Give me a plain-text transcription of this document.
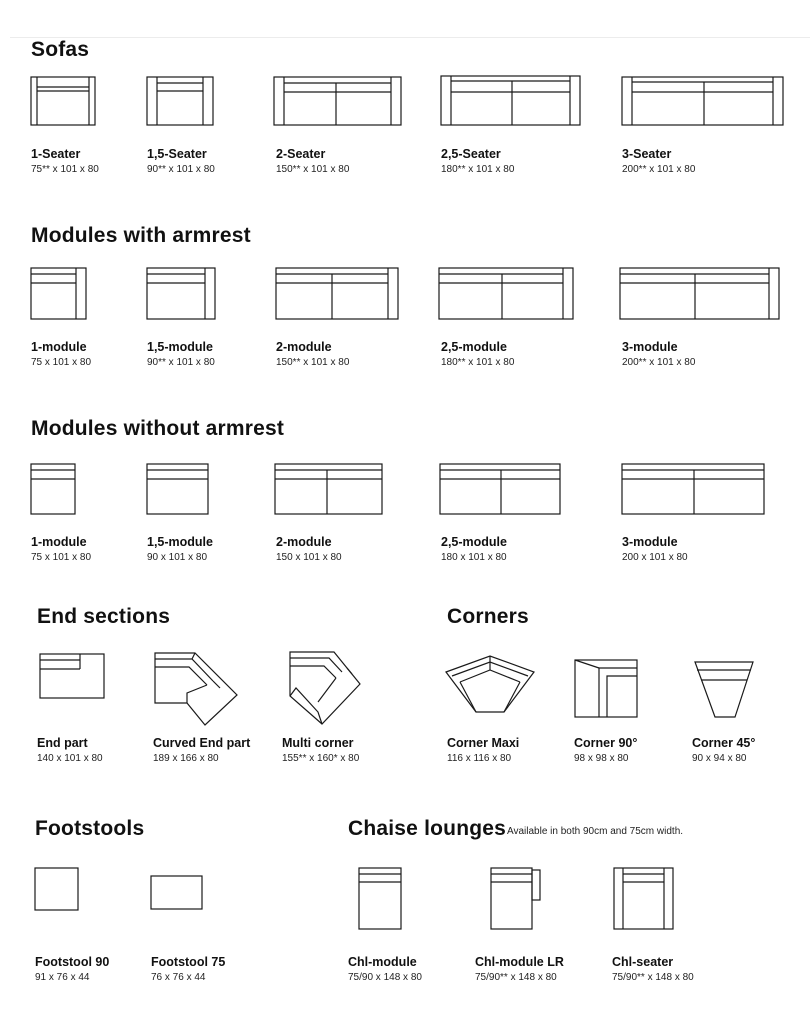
Sofas
1-Seater
75** x 101 x 80
1,5-Seater
90** x 101 x 80
2-Seater
150** x 101 x 80
2,5-Seater
180** x 101 x 80
3-Seater
200** x 101 x 80
Modules with armrest
1-module
75 x 101 x 80
1,5-module
90** x 101 x 80
2-module
150** x 101 x 80
2,5-module
180** x 101 x 80
3-module
200** x 101 x 80
Modules without armrest
1-module
75 x 101 x 80
1,5-module
90 x 101 x 80
2-module
150 x 101 x 80
2,5-module
180 x 101 x 80
3-module
200 x 101 x 80
End sections
End part
140 x 101 x 80
Curved End part
189 x 166 x 80
Multi corner
155** x 160* x 80
Corners
Corner Maxi
116 x 116 x 80
Corner 90°
98 x 98 x 80
Corner 45°
90 x 94 x 80
Footstools
Footstool 90
91 x 76 x 44
Footstool 75
76 x 76 x 44
Chaise lounges Available in both 90cm and 75cm width.
Chl-module
75/90 x 148 x 80
Chl-module LR
75/90** x 148 x 80
Chl-seater
75/90** x 148 x 80
